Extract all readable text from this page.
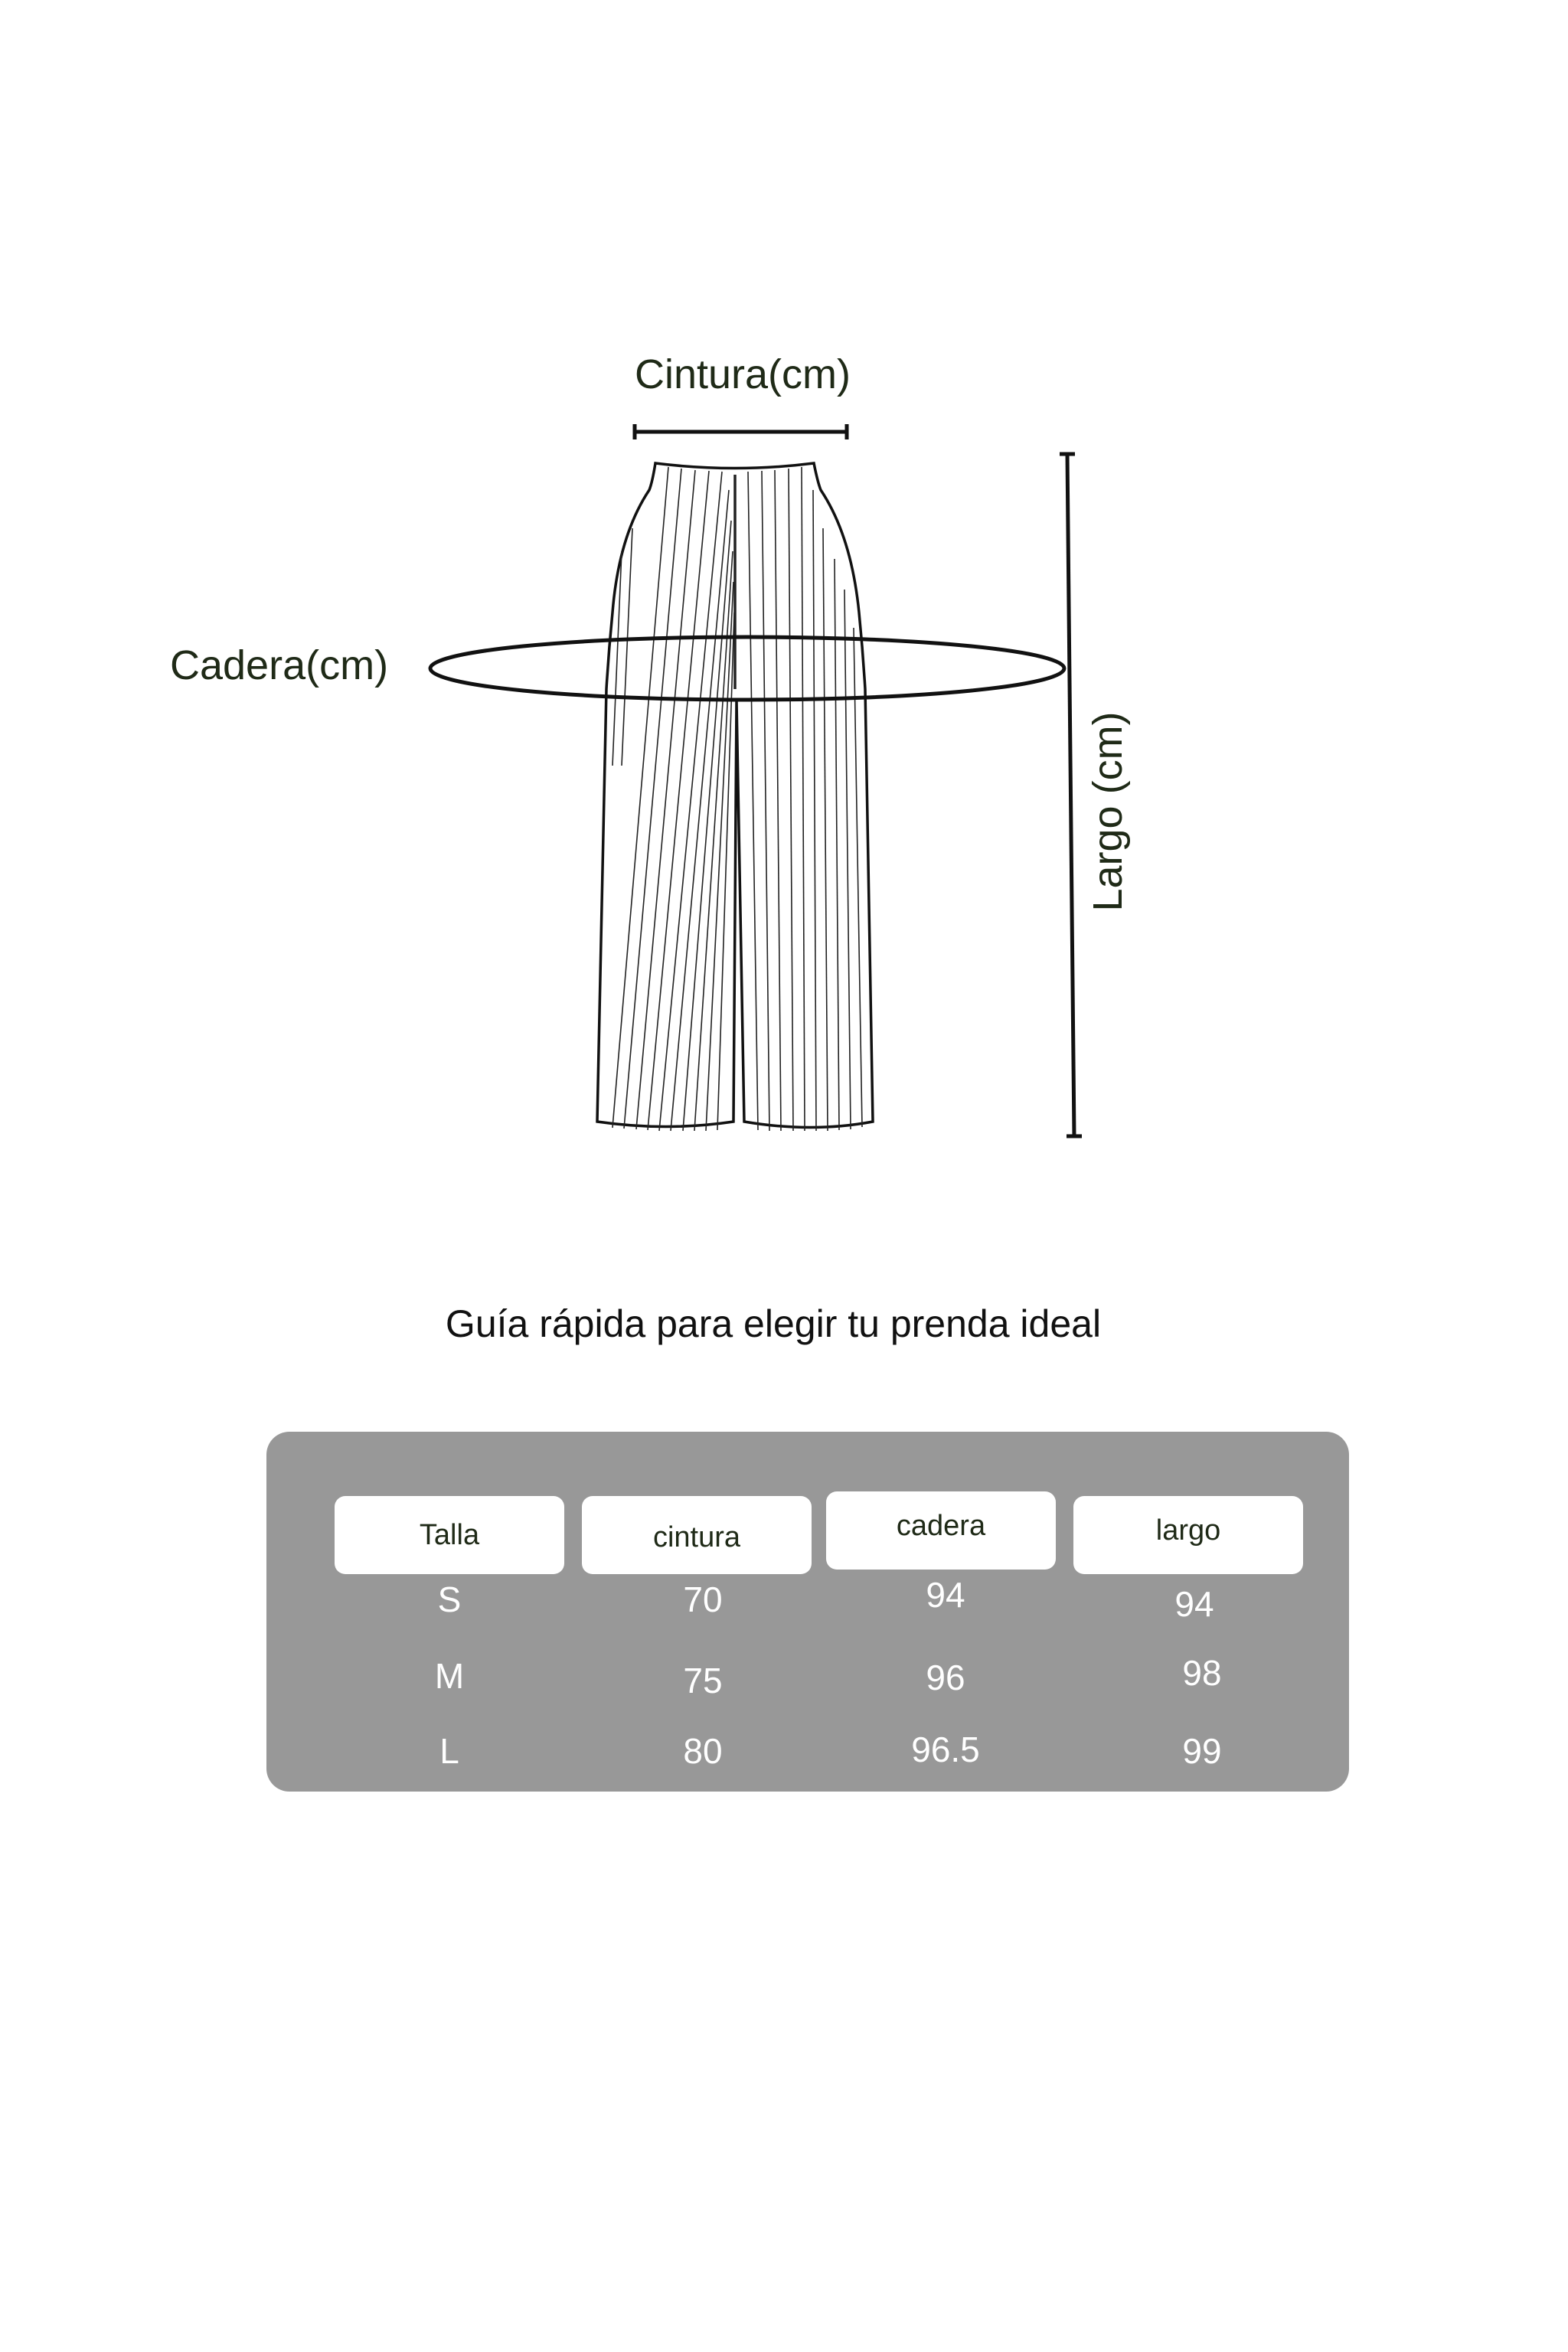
Cintura(cm)
Cadera(cm)
Largo (cm)
Guía rápida para elegir tu prenda ideal
Talla	cintura	cadera	largo
S	70	94	94
M	75	96	98
L	80	96.5	99
